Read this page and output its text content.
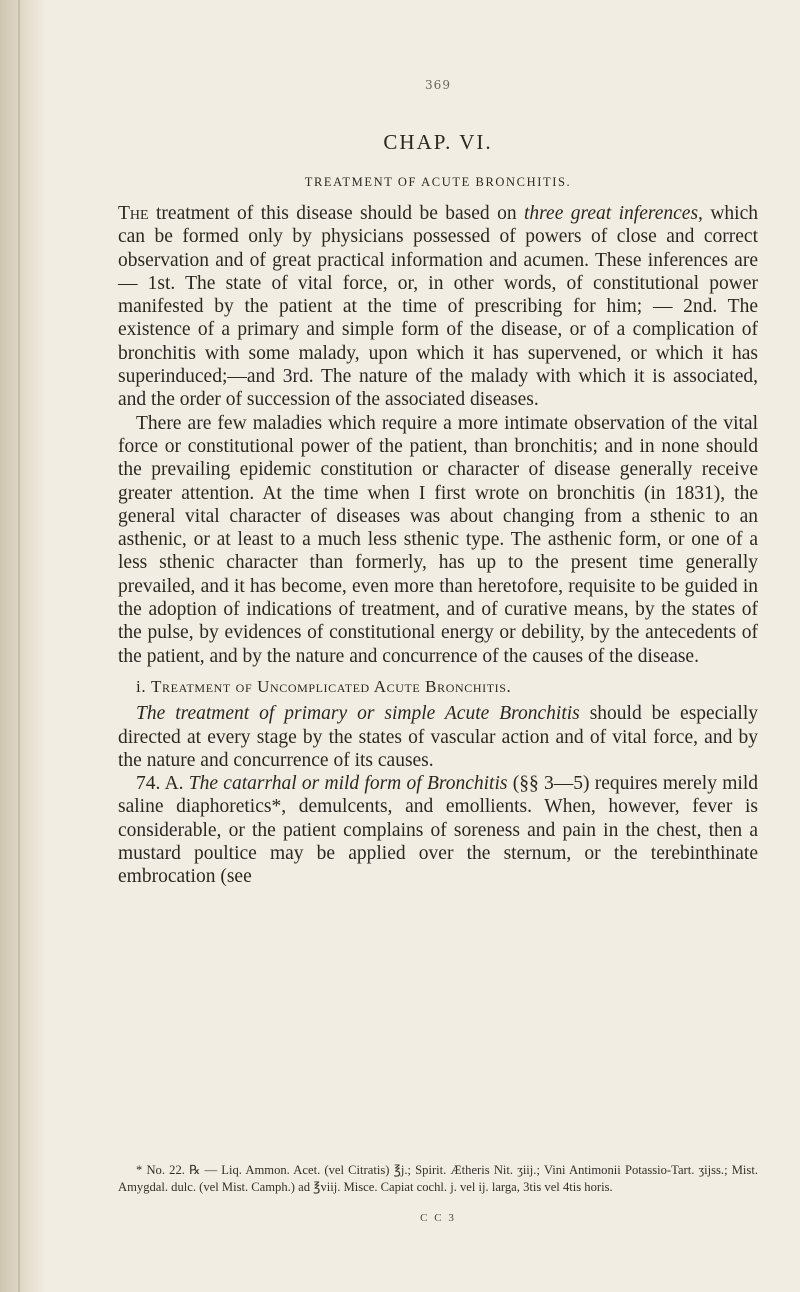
369
CHAP. VI.
TREATMENT OF ACUTE BRONCHITIS.

The treatment of this disease should be based on three great inferences, which can be formed only by physicians possessed of powers of close and correct observation and of great practical information and acumen. These inferences are — 1st. The state of vital force, or, in other words, of constitutional power manifested by the patient at the time of prescribing for him; — 2nd. The existence of a primary and simple form of the disease, or of a complication of bronchitis with some malady, upon which it has supervened, or which it has superinduced;—and 3rd. The nature of the malady with which it is associated, and the order of succession of the associated diseases.

There are few maladies which require a more intimate observation of the vital force or constitutional power of the patient, than bronchitis; and in none should the prevailing epidemic constitution or character of disease generally receive greater attention. At the time when I first wrote on bronchitis (in 1831), the general vital character of diseases was about changing from a sthenic to an asthenic, or at least to a much less sthenic type. The asthenic form, or one of a less sthenic character than formerly, has up to the present time generally prevailed, and it has become, even more than heretofore, requisite to be guided in the adoption of indications of treatment, and of curative means, by the states of the pulse, by evidences of constitutional energy or debility, by the antecedents of the patient, and by the nature and concurrence of the causes of the disease.

i. Treatment of Uncomplicated Acute Bronchitis.

The treatment of primary or simple Acute Bronchitis should be especially directed at every stage by the states of vascular action and of vital force, and by the nature and concurrence of its causes.

74. A. The catarrhal or mild form of Bronchitis (§§ 3—5) requires merely mild saline diaphoretics*, demulcents, and emollients. When, however, fever is considerable, or the patient complains of soreness and pain in the chest, then a mustard poultice may be applied over the sternum, or the terebinthinate embrocation (see

* No. 22. ℞ — Liq. Ammon. Acet. (vel Citratis) ℥j.; Spirit. Ætheris Nit. ʒiij.; Vini Antimonii Potassio-Tart. ʒijss.; Mist. Amygdal. dulc. (vel Mist. Camph.) ad ℥viij. Misce. Capiat cochl. j. vel ij. larga, 3tis vel 4tis horis.

C C 3
